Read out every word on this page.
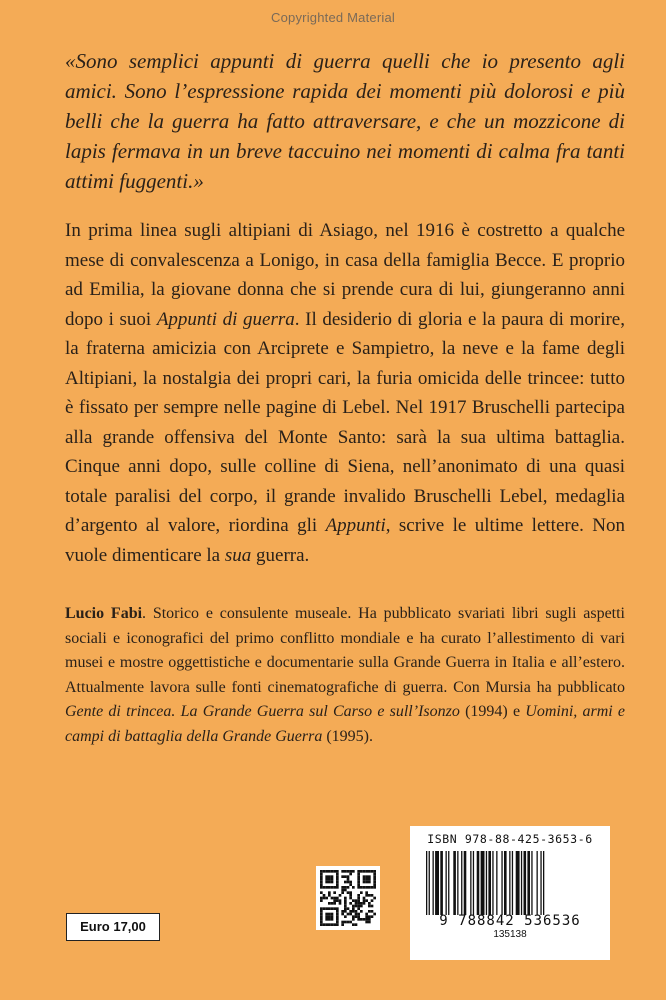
Copyrighted Material
«Sono semplici appunti di guerra quelli che io presento agli amici. Sono l’espressione rapida dei momenti più dolorosi e più belli che la guerra ha fatto attraversare, e che un mozzicone di lapis fermava in un breve taccuino nei momenti di calma fra tanti attimi fuggenti.»
In prima linea sugli altipiani di Asiago, nel 1916 è costretto a qualche mese di convalescenza a Lonigo, in casa della famiglia Becce. E proprio ad Emilia, la giovane donna che si prende cura di lui, giungeranno anni dopo i suoi Appunti di guerra. Il desiderio di gloria e la paura di morire, la fraterna amicizia con Arciprete e Sampietro, la neve e la fame degli Altipiani, la nostalgia dei propri cari, la furia omicida delle trincee: tutto è fissato per sempre nelle pagine di Lebel. Nel 1917 Bruschelli partecipa alla grande offensiva del Monte Santo: sarà la sua ultima battaglia. Cinque anni dopo, sulle colline di Siena, nell’anonimato di una quasi totale paralisi del corpo, il grande invalido Bruschelli Lebel, medaglia d’argento al valore, riordina gli Appunti, scrive le ultime lettere. Non vuole dimenticare la sua guerra.
Lucio Fabi. Storico e consulente museale. Ha pubblicato svariati libri sugli aspetti sociali e iconografici del primo conflitto mondiale e ha curato l’allestimento di vari musei e mostre oggettistiche e documentarie sulla Grande Guerra in Italia e all’estero. Attualmente lavora sulle fonti cinematografiche di guerra. Con Mursia ha pubblicato Gente di trincea. La Grande Guerra sul Carso e sull’Isonzo (1994) e Uomini, armi e campi di battaglia della Grande Guerra (1995).
ISBN 978-88-425-3653-6
9 788842 536536
135138
Euro 17,00
